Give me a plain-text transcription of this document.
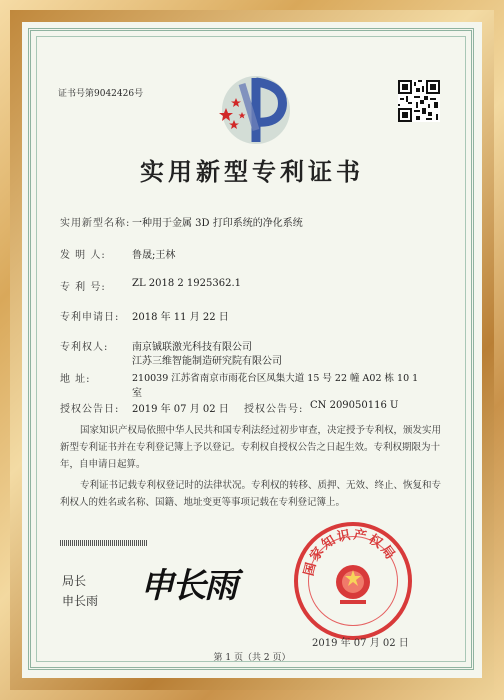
证书号第9042426号
实用新型专利证书
实用新型名称: 一种用于金属 3D 打印系统的净化系统
发 明 人:	鲁晟;王林
专 利 号:	ZL 2018 2 1925362.1
专利申请日: 2018 年 11 月 22 日
专利权人: 南京铖联激光科技有限公司
江苏三维智能制造研究院有限公司
地 址:	210039 江苏省南京市雨花台区凤集大道 15 号 22 幢 A02 栋 10 1
室
授权公告日: 2019 年 07 月 02 日 授权公告号: CN 209050116 U
国家知识产权局依照中华人民共和国专利法经过初步审查，决定授予专利权，颁发实用新型专利证书并在专利登记簿上予以登记。专利权自授权公告之日起生效。专利权期限为十年，自申请日起算。
专利证书记载专利权登记时的法律状况。专利权的转移、质押、无效、终止、恢复和专利权人的姓名或名称、国籍、地址变更等事项记载在专利登记簿上。
局长
申长雨 申长雨	国家知识产权局
2019 年 07 月 02 日
第 1 页（共 2 页）
